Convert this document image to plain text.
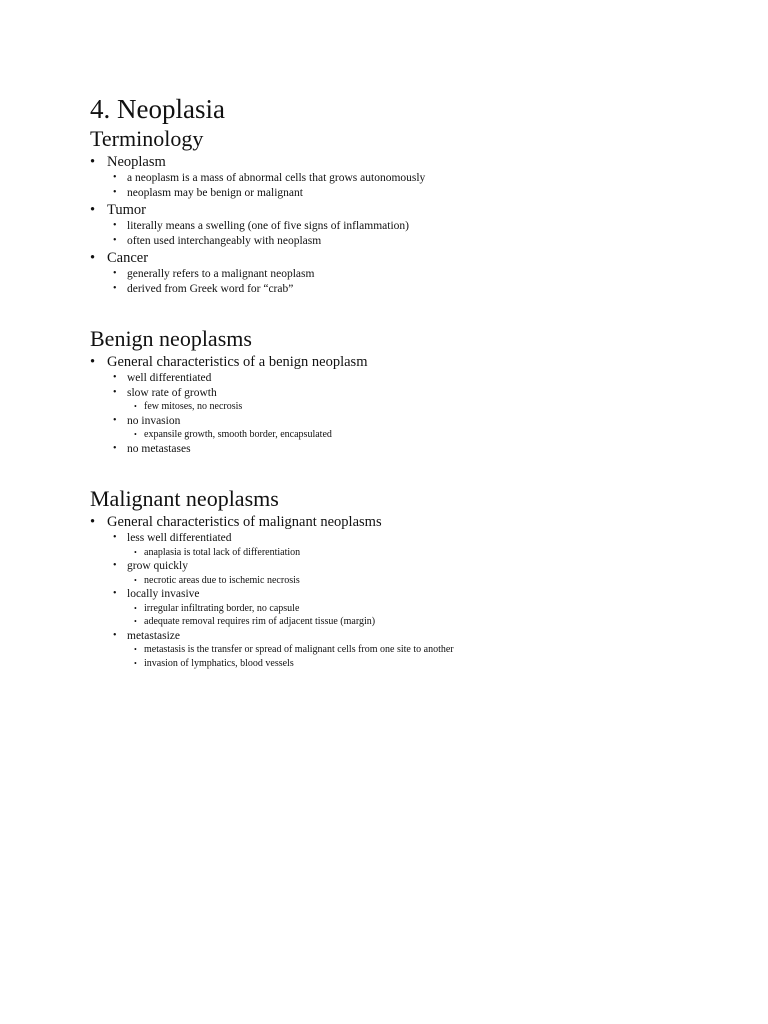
4. Neoplasia
Terminology
• Neoplasm
• a neoplasm is a mass of abnormal cells that grows autonomously
• neoplasm may be benign or malignant
• Tumor
• literally means a swelling (one of five signs of inflammation)
• often used interchangeably with neoplasm
• Cancer
• generally refers to a malignant neoplasm
• derived from Greek word for “crab”
Benign neoplasms
• General characteristics of a benign neoplasm
• well differentiated
• slow rate of growth
• few mitoses, no necrosis
• no invasion
• expansile growth, smooth border, encapsulated
• no metastases
Malignant neoplasms
• General characteristics of malignant neoplasms
• less well differentiated
• anaplasia is total lack of differentiation
• grow quickly
• necrotic areas due to ischemic necrosis
• locally invasive
• irregular infiltrating border, no capsule
• adequate removal requires rim of adjacent tissue (margin)
• metastasize
• metastasis is the transfer or spread of malignant cells from one site to another
• invasion of lymphatics, blood vessels
